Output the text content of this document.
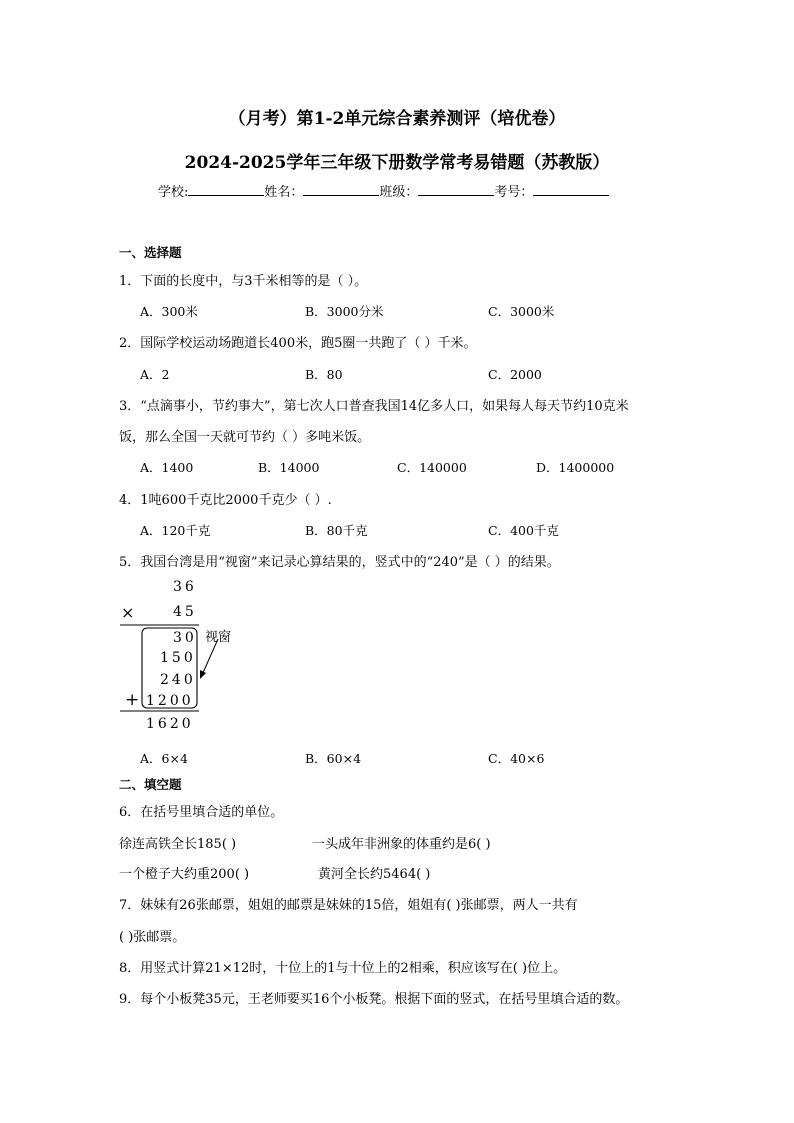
（月考）第1-2单元综合素养测评（培优卷）
2024-2025学年三年级下册数学常考易错题（苏教版）
学校:	姓名：	班级：	考号：
一、选择题
1．下面的长度中，与3千米相等的是（ ）。
A．300米	B．3000分米	C．3000米
2．国际学校运动场跑道长400米，跑5圈一共跑了（ ）千米。
A．2	B．80	C．2000
3．“点滴事小，节约事大”，第七次人口普查我国14亿多人口，如果每人每天节约10克米
饭，那么全国一天就可节约（ ）多吨米饭。
A．1400	B．14000	C．140000	D．1400000
4．1吨600千克比2000千克少（ ）.
A．120千克	B．80千克	C．400千克
5．我国台湾是用“视窗”来记录心算结果的，竖式中的“240”是（ ）的结果。
36
×	45
30
150
240
+ 1200
1620
视窗
A．6×4	B．60×4	C．40×6
二、填空题
6．在括号里填合适的单位。
徐连高铁全长185( )	一头成年非洲象的体重约是6( )
一个橙子大约重200( )	黄河全长约5464( )
7．妹妹有26张邮票，姐姐的邮票是妹妹的15倍，姐姐有( )张邮票，两人一共有
( )张邮票。
8．用竖式计算21×12时，十位上的1与十位上的2相乘，积应该写在( )位上。
9．每个小板凳35元，王老师要买16个小板凳。根据下面的竖式，在括号里填合适的数。
